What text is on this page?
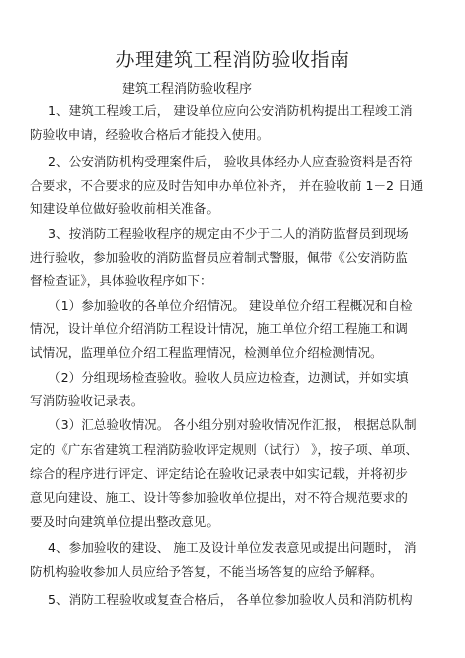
办理建筑工程消防验收指南
建筑工程消防验收程序
1、建筑工程竣工后， 建设单位应向公安消防机构提出工程竣工消
防验收申请，经验收合格后才能投入使用。
2、公安消防机构受理案件后， 验收具体经办人应查验资料是否符
合要求，不合要求的应及时告知申办单位补齐， 并在验收前 1－2 日通
知建设单位做好验收前相关准备。
3、按消防工程验收程序的规定由不少于二人的消防监督员到现场
进行验收，参加验收的消防监督员应着制式警服，佩带《公安消防监
督检查证》，具体验收程序如下：
（1）参加验收的各单位介绍情况。 建设单位介绍工程概况和自检
情况，设计单位介绍消防工程设计情况，施工单位介绍工程施工和调
试情况，监理单位介绍工程监理情况，检测单位介绍检测情况。
（2）分组现场检查验收。验收人员应边检查，边测试，并如实填
写消防验收记录表。
（3）汇总验收情况。 各小组分别对验收情况作汇报， 根据总队制
定的《广东省建筑工程消防验收评定规则（试行） 》，按子项、单项、
综合的程序进行评定、评定结论在验收记录表中如实记载，并将初步
意见向建设、施工、设计等参加验收单位提出，对不符合规范要求的
要及时向建筑单位提出整改意见。
4、参加验收的建设、 施工及设计单位发表意见或提出问题时， 消
防机构验收参加人员应给予答复，不能当场答复的应给予解释。
5、消防工程验收或复查合格后， 各单位参加验收人员和消防机构
